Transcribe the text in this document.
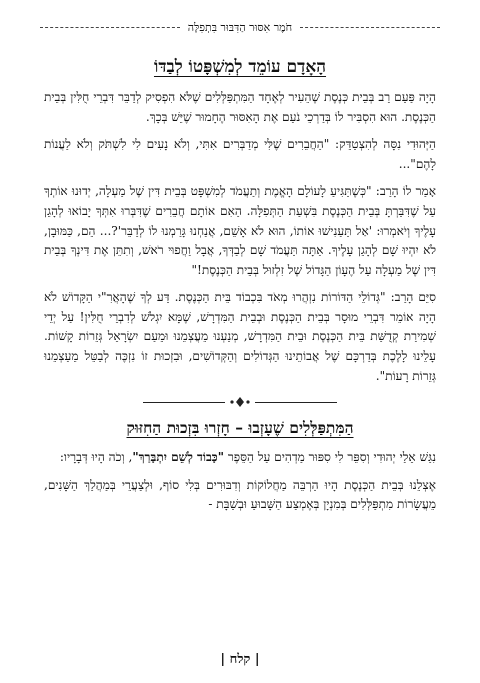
חֹמֶר אִסּוּר הַדִּבּוּר בִּתְפִלָּה
הָאָדָם עוֹמֵד לְמִשְׁפָּטוֹ לְבַדּוֹ

הָיָה פַּעַם רַב בְּבֵית כְּנֶסֶת שֶׁהֵעִיר לְאֶחָד הַמִּתְפַּלְּלִים שֶׁלֹּא הִפְסִיק לְדַבֵּר דִּבְרֵי חֻלִּין בְּבֵית הַכְּנֶסֶת. הוּא הִסְבִּיר לוֹ בְּדַרְכֵי נֹעַם אֶת הָאִסּוּר הֶחָמוּר שֶׁיֵּשׁ בְּכָךְ.

הַיְּהוּדִי נִסָּה לְהִצְטַדֵּק: "הַחֲבֵרִים שֶׁלִּי מְדַבְּרִים אִתִּי, וְלֹא נָעִים לִי לִשְׁתֹּק וְלֹא לַעֲנוֹת לָהֶם"...

אָמַר לוֹ הָרַב: "כְּשֶׁתַּגִּיעַ לָעוֹלָם הָאֱמֶת וְתַעֲמֹד לְמִשְׁפָּט בְּבֵית דִּין שֶׁל מַעְלָה, יְדוּנוּ אוֹתְךָ עַל שֶׁדִּבַּרְתָּ בְּבֵית הַכְּנֶסֶת בִּשְׁעַת הַתְּפִלָּה. הַאִם אוֹתָם חֲבֵרִים שֶׁדִּבְּרוּ אִתְּךָ יָבוֹאוּ לְהָגֵן עָלֶיךָ וְיֹאמְרוּ: 'אַל תַּעַנִישׁוּ אוֹתוֹ, הוּא לֹא אָשֵׁם, אֲנַחְנוּ גָּרַמְנוּ לוֹ לְדַבֵּר'?... הֵם, כַּמּוּבָן, לֹא יִהְיוּ שָׁם לְהָגֵן עָלֶיךָ. אַתָּה תַּעֲמֹד שָׁם לְבַדְּךָ, אֲבָל וַחֲפוּי רֹאשׁ, וְתִתֵּן אֶת דִּינְךָ בְּבֵית דִּין שֶׁל מַעְלָה עַל הֶעָוֹן הַגָּדוֹל שֶׁל זִלְזוּל בְּבֵית הַכְּנֶסֶת!"

סִיֵּם הָרַב: "גְּדוֹלֵי הַדּוֹרוֹת נִזְהֲרוּ מְאֹד בִּכְבוֹד בֵּית הַכְּנֶסֶת. דַּע לְךָ שֶׁהָאֲרִ"י הַקָּדוֹשׁ לֹא הָיָה אוֹמֵר דִּבְרֵי מוּסָר בְּבֵית הַכְּנֶסֶת וּבְבֵית הַמִּדְרָשׁ, שֶׁמָּא יִגְלֹשׁ לְדִבְרֵי חֻלִּין! עַל יְדֵי שְׁמִירַת קְדֻשַּׁת בֵּית הַכְּנֶסֶת וּבֵית הַמִּדְרָשׁ, מְנַעְנוּ מֵעֲצְמֵנוּ וּמֵעַם יִשְׂרָאֵל גְּזֵרוֹת קָשׁוֹת. עָלֵינוּ לָלֶכֶת בְּדַרְכָּם שֶׁל אֲבוֹתֵינוּ הַגְּדוֹלִים וְהַקְּדוֹשִׁים, וּבִזְכוּת זוֹ נִזְכֶּה לְבַטֵּל מֵעַצְמֵנוּ גְּזֵרוֹת רָעוֹת".

הַמִּתְפַּלְּלִים שֶׁעָזְבוּ – חָזְרוּ בִּזְכוּת הַחִזּוּק

נִגַּשׁ אֵלַי יְהוּדִי וְסִפֵּר לִי סִפּוּר מַדְהִים עַל הַסֵּפֶר "כָּבוֹד לְשֵׁם יִתְבָּרַךְ", וְכֹה הָיוּ דְּבָרָיו:

אֶצְלֵנוּ בְּבֵית הַכְּנֶסֶת הָיוּ הַרְבֵּה מַחֲלוֹקוֹת וְדִבּוּרִים בְּלִי סוֹף, וּלְצַעֲרֵי בְּמַהֲלַךְ הַשָּׁנִים, מֵעֲשָׂרוֹת מִתְפַּלְּלִים בְּמִנְיָן בְּאֶמְצַע הַשָּׁבוּעַ וּבְשַׁבָּת -

| קלח |
